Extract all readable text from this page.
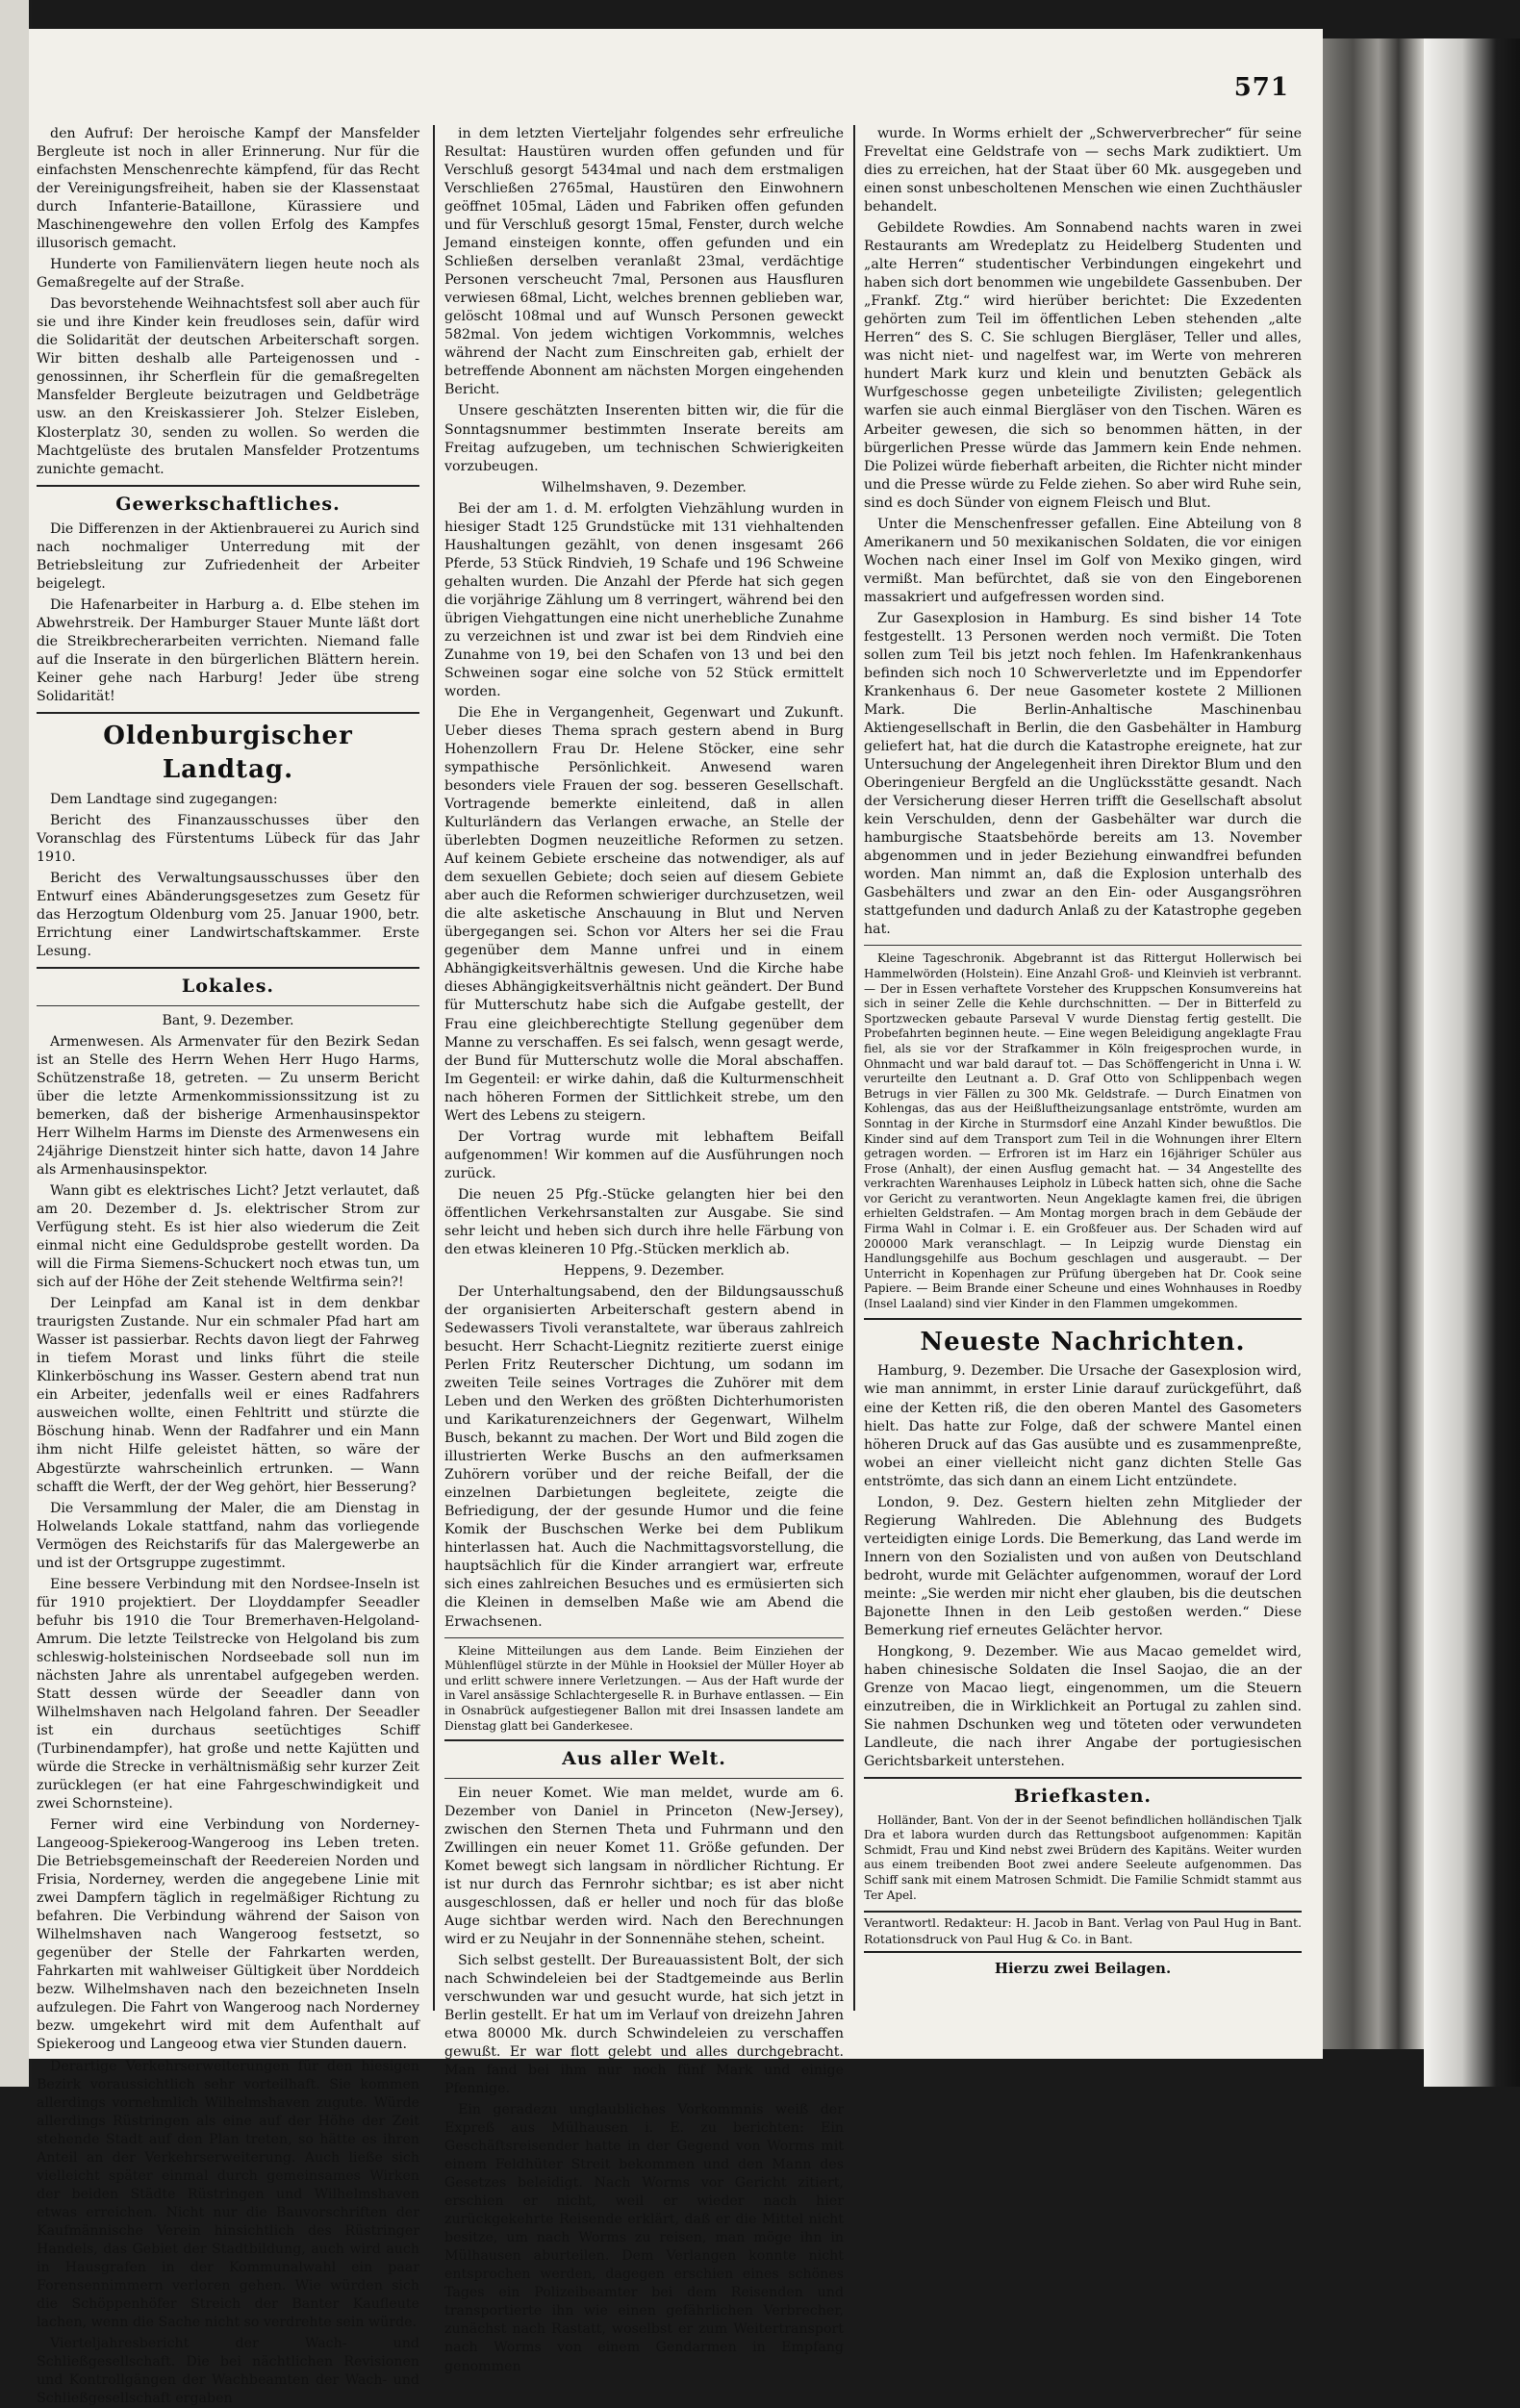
571

den Aufruf: Der heroische Kampf der Mansfelder Bergleute ist noch in aller Erinnerung. Nur für die einfachsten Menschenrechte kämpfend, für das Recht der Vereinigungsfreiheit, haben sie der Klassenstaat durch Infanterie-Bataillone, Kürassiere und Maschinengewehre den vollen Erfolg des Kampfes illusorisch gemacht.

Hunderte von Familienvätern liegen heute noch als Gemaßregelte auf der Straße.

Das bevorstehende Weihnachtsfest soll aber auch für sie und ihre Kinder kein freudloses sein, dafür wird die Solidarität der deutschen Arbeiterschaft sorgen. Wir bitten deshalb alle Parteigenossen und -genossinnen, ihr Scherflein für die gemaßregelten Mansfelder Bergleute beizutragen und Geldbeträge usw. an den Kreiskassierer Joh. Stelzer Eisleben, Klosterplatz 30, senden zu wollen. So werden die Machtgelüste des brutalen Mansfelder Protzentums zunichte gemacht.

Gewerkschaftliches.

Die Differenzen in der Aktienbrauerei zu Aurich sind nach nochmaliger Unterredung mit der Betriebsleitung zur Zufriedenheit der Arbeiter beigelegt.

Die Hafenarbeiter in Harburg a. d. Elbe stehen im Abwehrstreik. Der Hamburger Stauer Munte läßt dort die Streikbrecherarbeiten verrichten. Niemand falle auf die Inserate in den bürgerlichen Blättern herein. Keiner gehe nach Harburg! Jeder übe streng Solidarität!

Oldenburgischer Landtag.

Dem Landtage sind zugegangen:

Bericht des Finanzausschusses über den Voranschlag des Fürstentums Lübeck für das Jahr 1910.

Bericht des Verwaltungsausschusses über den Entwurf eines Abänderungsgesetzes zum Gesetz für das Herzogtum Oldenburg vom 25. Januar 1900, betr. Errichtung einer Landwirtschaftskammer. Erste Lesung.

Lokales.

Bant, 9. Dezember.

Armenwesen. Als Armenvater für den Bezirk Sedan ist an Stelle des Herrn Wehen Herr Hugo Harms, Schützenstraße 18, getreten. — Zu unserm Bericht über die letzte Armenkommissionssitzung ist zu bemerken, daß der bisherige Armenhausinspektor Herr Wilhelm Harms im Dienste des Armenwesens ein 24jährige Dienstzeit hinter sich hatte, davon 14 Jahre als Armenhausinspektor.

Wann gibt es elektrisches Licht? Jetzt verlautet, daß am 20. Dezember d. Js. elektrischer Strom zur Verfügung steht. Es ist hier also wiederum die Zeit einmal nicht eine Geduldsprobe gestellt worden. Da will die Firma Siemens-Schuckert noch etwas tun, um sich auf der Höhe der Zeit stehende Weltfirma sein?!

Der Leinpfad am Kanal ist in dem denkbar traurigsten Zustande. Nur ein schmaler Pfad hart am Wasser ist passierbar. Rechts davon liegt der Fahrweg in tiefem Morast und links führt die steile Klinkerböschung ins Wasser. Gestern abend trat nun ein Arbeiter, jedenfalls weil er eines Radfahrers ausweichen wollte, einen Fehltritt und stürzte die Böschung hinab. Wenn der Radfahrer und ein Mann ihm nicht Hilfe geleistet hätten, so wäre der Abgestürzte wahrscheinlich ertrunken. — Wann schafft die Werft, der der Weg gehört, hier Besserung?

Die Versammlung der Maler, die am Dienstag in Holwelands Lokale stattfand, nahm das vorliegende Vermögen des Reichstarifs für das Malergewerbe an und ist der Ortsgruppe zugestimmt.

Eine bessere Verbindung mit den Nordsee-Inseln ist für 1910 projektiert. Der Lloyddampfer Seeadler befuhr bis 1910 die Tour Bremerhaven-Helgoland-Amrum. Die letzte Teilstrecke von Helgoland bis zum schleswig-holsteinischen Nordseebade soll nun im nächsten Jahre als unrentabel aufgegeben werden. Statt dessen würde der Seeadler dann von Wilhelmshaven nach Helgoland fahren. Der Seeadler ist ein durchaus seetüchtiges Schiff (Turbinendampfer), hat große und nette Kajütten und würde die Strecke in verhältnismäßig sehr kurzer Zeit zurücklegen (er hat eine Fahrgeschwindigkeit und zwei Schornsteine).

Ferner wird eine Verbindung von Norderney-Langeoog-Spiekeroog-Wangeroog ins Leben treten. Die Betriebsgemeinschaft der Reedereien Norden und Frisia, Norderney, werden die angegebene Linie mit zwei Dampfern täglich in regelmäßiger Richtung zu befahren. Die Verbindung während der Saison von Wilhelmshaven nach Wangeroog festsetzt, so gegenüber der Stelle der Fahrkarten werden, Fahrkarten mit wahlweiser Gültigkeit über Norddeich bezw. Wilhelmshaven nach den bezeichneten Inseln aufzulegen. Die Fahrt von Wangeroog nach Norderney bezw. umgekehrt wird mit dem Aufenthalt auf Spiekeroog und Langeoog etwa vier Stunden dauern.

Derartige Verkehrserweiterungen für den hiesigen Bezirk voraussichtlich sehr vorteilhaft. Sie kommen allerdings vornehmlich Wilhelmshaven zugute. Würde allerdings Rüstringen als eine auf der Höhe der Zeit stehende Stadt auf den Plan treten, so hätte es ihren Anteil an der Verkehrserweiterung. Auch ließe sich vielleicht später einmal durch gemeinsames Wirken der beiden Städte Rüstringen und Wilhelmshaven etwas erreichen. Nicht nur die Bauvorschriften der Kaufmännische Verein hinsichtlich des Rüstringer Handels, das Gebiet der Stadtbildung, auch wird auch in Hausgrafen in der Kommunalwahl ein paar Forensennimmern verloren gehen. Wie würden sich die Schöppenhöfer Streich der Banter Kaufleute lachen, wenn die Sache nicht so verdrehte sein würde.

Vierteljahresbericht der Wach- und Schließgesellschaft. Die bei nächtlichen Revisionen und Kontrollgängen der Wachbeamten der Wach- und Schließgesellschaft ergaben

in dem letzten Vierteljahr folgendes sehr erfreuliche Resultat: Haustüren wurden offen gefunden und für Verschluß gesorgt 5434mal und nach dem erstmaligen Verschließen 2765mal, Haustüren den Einwohnern geöffnet 105mal, Läden und Fabriken offen gefunden und für Verschluß gesorgt 15mal, Fenster, durch welche Jemand einsteigen konnte, offen gefunden und ein Schließen derselben veranlaßt 23mal, verdächtige Personen verscheucht 7mal, Personen aus Hausfluren verwiesen 68mal, Licht, welches brennen geblieben war, gelöscht 108mal und auf Wunsch Personen geweckt 582mal. Von jedem wichtigen Vorkommnis, welches während der Nacht zum Einschreiten gab, erhielt der betreffende Abonnent am nächsten Morgen eingehenden Bericht.

Unsere geschätzten Inserenten bitten wir, die für die Sonntagsnummer bestimmten Inserate bereits am Freitag aufzugeben, um technischen Schwierigkeiten vorzubeugen.

Wilhelmshaven, 9. Dezember.

Bei der am 1. d. M. erfolgten Viehzählung wurden in hiesiger Stadt 125 Grundstücke mit 131 viehhaltenden Haushaltungen gezählt, von denen insgesamt 266 Pferde, 53 Stück Rindvieh, 19 Schafe und 196 Schweine gehalten wurden. Die Anzahl der Pferde hat sich gegen die vorjährige Zählung um 8 verringert, während bei den übrigen Viehgattungen eine nicht unerhebliche Zunahme zu verzeichnen ist und zwar ist bei dem Rindvieh eine Zunahme von 19, bei den Schafen von 13 und bei den Schweinen sogar eine solche von 52 Stück ermittelt worden.

Die Ehe in Vergangenheit, Gegenwart und Zukunft. Ueber dieses Thema sprach gestern abend in Burg Hohenzollern Frau Dr. Helene Stöcker, eine sehr sympathische Persönlichkeit. Anwesend waren besonders viele Frauen der sog. besseren Gesellschaft. Vortragende bemerkte einleitend, daß in allen Kulturländern das Verlangen erwache, an Stelle der überlebten Dogmen neuzeitliche Reformen zu setzen. Auf keinem Gebiete erscheine das notwendiger, als auf dem sexuellen Gebiete; doch seien auf diesem Gebiete aber auch die Reformen schwieriger durchzusetzen, weil die alte asketische Anschauung in Blut und Nerven übergegangen sei. Schon vor Alters her sei die Frau gegenüber dem Manne unfrei und in einem Abhängigkeitsverhältnis gewesen. Und die Kirche habe dieses Abhängigkeitsverhältnis nicht geändert. Der Bund für Mutterschutz habe sich die Aufgabe gestellt, der Frau eine gleichberechtigte Stellung gegenüber dem Manne zu verschaffen. Es sei falsch, wenn gesagt werde, der Bund für Mutterschutz wolle die Moral abschaffen. Im Gegenteil: er wirke dahin, daß die Kulturmenschheit nach höheren Formen der Sittlichkeit strebe, um den Wert des Lebens zu steigern.

Der Vortrag wurde mit lebhaftem Beifall aufgenommen! Wir kommen auf die Ausführungen noch zurück.

Die neuen 25 Pfg.-Stücke gelangten hier bei den öffentlichen Verkehrsanstalten zur Ausgabe. Sie sind sehr leicht und heben sich durch ihre helle Färbung von den etwas kleineren 10 Pfg.-Stücken merklich ab.

Heppens, 9. Dezember.

Der Unterhaltungsabend, den der Bildungsausschuß der organisierten Arbeiterschaft gestern abend in Sedewassers Tivoli veranstaltete, war überaus zahlreich besucht. Herr Schacht-Liegnitz rezitierte zuerst einige Perlen Fritz Reuterscher Dichtung, um sodann im zweiten Teile seines Vortrages die Zuhörer mit dem Leben und den Werken des größten Dichterhumoristen und Karikaturenzeichners der Gegenwart, Wilhelm Busch, bekannt zu machen. Der Wort und Bild zogen die illustrierten Werke Buschs an den aufmerksamen Zuhörern vorüber und der reiche Beifall, der die einzelnen Darbietungen begleitete, zeigte die Befriedigung, der der gesunde Humor und die feine Komik der Buschschen Werke bei dem Publikum hinterlassen hat. Auch die Nachmittagsvorstellung, die hauptsächlich für die Kinder arrangiert war, erfreute sich eines zahlreichen Besuches und es ermüsierten sich die Kleinen in demselben Maße wie am Abend die Erwachsenen.

Kleine Mitteilungen aus dem Lande. Beim Einziehen der Mühlenflügel stürzte in der Mühle in Hooksiel der Müller Hoyer ab und erlitt schwere innere Verletzungen. — Aus der Haft wurde der in Varel ansässige Schlachtergeselle R. in Burhave entlassen. — Ein in Osnabrück aufgestiegener Ballon mit drei Insassen landete am Dienstag glatt bei Ganderkesee.

Aus aller Welt.

Ein neuer Komet. Wie man meldet, wurde am 6. Dezember von Daniel in Princeton (New-Jersey), zwischen den Sternen Theta und Fuhrmann und den Zwillingen ein neuer Komet 11. Größe gefunden. Der Komet bewegt sich langsam in nördlicher Richtung. Er ist nur durch das Fernrohr sichtbar; es ist aber nicht ausgeschlossen, daß er heller und noch für das bloße Auge sichtbar werden wird. Nach den Berechnungen wird er zu Neujahr in der Sonnennähe stehen, scheint.

Sich selbst gestellt. Der Bureauassistent Bolt, der sich nach Schwindeleien bei der Stadtgemeinde aus Berlin verschwunden war und gesucht wurde, hat sich jetzt in Berlin gestellt. Er hat um im Verlauf von dreizehn Jahren etwa 80000 Mk. durch Schwindeleien zu verschaffen gewußt. Er war flott gelebt und alles durchgebracht. Man fand bei ihm nur noch fünf Mark und einige Pfennige.

Ein geradezu unglaubliches Vorkommnis weiß der Expreß aus Mülhausen i. E. zu berichten: Ein Geschäftsreisender hatte in der Gegend von Worms mit einem Feldhüter Streit bekommen und den Mann des Gesetzes beleidigt. Nach Worms vor Gericht zitiert, erschien er nicht, weil er wieder nach hier zurückgekehrte Reisende erklärt, daß er die Mittel nicht besitze, um nach Worms zu reisen, man möge ihn in Mülhausen aburteilen. Dem Verlangen konnte nicht entsprochen werden, dagegen erschien eines schönes Tages ein Polizeibeamter bei dem Reisenden und transportierte ihn wie einen gefährlichen Verbrecher, zunächst nach Rastatt, woselbst er zum Weitertransport nach Worms von einem Gendarmen in Empfang genommen

wurde. In Worms erhielt der „Schwerverbrecher“ für seine Freveltat eine Geldstrafe von — sechs Mark zudiktiert. Um dies zu erreichen, hat der Staat über 60 Mk. ausgegeben und einen sonst unbescholtenen Menschen wie einen Zuchthäusler behandelt.

Gebildete Rowdies. Am Sonnabend nachts waren in zwei Restaurants am Wredeplatz zu Heidelberg Studenten und „alte Herren“ studentischer Verbindungen eingekehrt und haben sich dort benommen wie ungebildete Gassenbuben. Der „Frankf. Ztg.“ wird hierüber berichtet: Die Exzedenten gehörten zum Teil im öffentlichen Leben stehenden „alte Herren“ des S. C. Sie schlugen Biergläser, Teller und alles, was nicht niet- und nagelfest war, im Werte von mehreren hundert Mark kurz und klein und benutzten Gebäck als Wurfgeschosse gegen unbeteiligte Zivilisten; gelegentlich warfen sie auch einmal Biergläser von den Tischen. Wären es Arbeiter gewesen, die sich so benommen hätten, in der bürgerlichen Presse würde das Jammern kein Ende nehmen. Die Polizei würde fieberhaft arbeiten, die Richter nicht minder und die Presse würde zu Felde ziehen. So aber wird Ruhe sein, sind es doch Sünder von eignem Fleisch und Blut.

Unter die Menschenfresser gefallen. Eine Abteilung von 8 Amerikanern und 50 mexikanischen Soldaten, die vor einigen Wochen nach einer Insel im Golf von Mexiko gingen, wird vermißt. Man befürchtet, daß sie von den Eingeborenen massakriert und aufgefressen worden sind.

Zur Gasexplosion in Hamburg. Es sind bisher 14 Tote festgestellt. 13 Personen werden noch vermißt. Die Toten sollen zum Teil bis jetzt noch fehlen. Im Hafenkrankenhaus befinden sich noch 10 Schwerverletzte und im Eppendorfer Krankenhaus 6. Der neue Gasometer kostete 2 Millionen Mark. Die Berlin-Anhaltische Maschinenbau Aktiengesellschaft in Berlin, die den Gasbehälter in Hamburg geliefert hat, hat die durch die Katastrophe ereignete, hat zur Untersuchung der Angelegenheit ihren Direktor Blum und den Oberingenieur Bergfeld an die Unglücksstätte gesandt. Nach der Versicherung dieser Herren trifft die Gesellschaft absolut kein Verschulden, denn der Gasbehälter war durch die hamburgische Staatsbehörde bereits am 13. November abgenommen und in jeder Beziehung einwandfrei befunden worden. Man nimmt an, daß die Explosion unterhalb des Gasbehälters und zwar an den Ein- oder Ausgangsröhren stattgefunden und dadurch Anlaß zu der Katastrophe gegeben hat.

Kleine Tageschronik. Abgebrannt ist das Rittergut Hollerwisch bei Hammelwörden (Holstein). Eine Anzahl Groß- und Kleinvieh ist verbrannt. — Der in Essen verhaftete Vorsteher des Kruppschen Konsumvereins hat sich in seiner Zelle die Kehle durchschnitten. — Der in Bitterfeld zu Sportzwecken gebaute Parseval V wurde Dienstag fertig gestellt. Die Probefahrten beginnen heute. — Eine wegen Beleidigung angeklagte Frau fiel, als sie vor der Strafkammer in Köln freigesprochen wurde, in Ohnmacht und war bald darauf tot. — Das Schöffengericht in Unna i. W. verurteilte den Leutnant a. D. Graf Otto von Schlippenbach wegen Betrugs in vier Fällen zu 300 Mk. Geldstrafe. — Durch Einatmen von Kohlengas, das aus der Heißluftheizungsanlage entströmte, wurden am Sonntag in der Kirche in Sturmsdorf eine Anzahl Kinder bewußtlos. Die Kinder sind auf dem Transport zum Teil in die Wohnungen ihrer Eltern getragen worden. — Erfroren ist im Harz ein 16jähriger Schüler aus Frose (Anhalt), der einen Ausflug gemacht hat. — 34 Angestellte des verkrachten Warenhauses Leipholz in Lübeck hatten sich, ohne die Sache vor Gericht zu verantworten. Neun Angeklagte kamen frei, die übrigen erhielten Geldstrafen. — Am Montag morgen brach in dem Gebäude der Firma Wahl in Colmar i. E. ein Großfeuer aus. Der Schaden wird auf 200000 Mark veranschlagt. — In Leipzig wurde Dienstag ein Handlungsgehilfe aus Bochum geschlagen und ausgeraubt. — Der Unterricht in Kopenhagen zur Prüfung übergeben hat Dr. Cook seine Papiere. — Beim Brande einer Scheune und eines Wohnhauses in Roedby (Insel Laaland) sind vier Kinder in den Flammen umgekommen.

Neueste Nachrichten.

Hamburg, 9. Dezember. Die Ursache der Gasexplosion wird, wie man annimmt, in erster Linie darauf zurückgeführt, daß eine der Ketten riß, die den oberen Mantel des Gasometers hielt. Das hatte zur Folge, daß der schwere Mantel einen höheren Druck auf das Gas ausübte und es zusammenpreßte, wobei an einer vielleicht nicht ganz dichten Stelle Gas entströmte, das sich dann an einem Licht entzündete.

London, 9. Dez. Gestern hielten zehn Mitglieder der Regierung Wahlreden. Die Ablehnung des Budgets verteidigten einige Lords. Die Bemerkung, das Land werde im Innern von den Sozialisten und von außen von Deutschland bedroht, wurde mit Gelächter aufgenommen, worauf der Lord meinte: „Sie werden mir nicht eher glauben, bis die deutschen Bajonette Ihnen in den Leib gestoßen werden.“ Diese Bemerkung rief erneutes Gelächter hervor.

Hongkong, 9. Dezember. Wie aus Macao gemeldet wird, haben chinesische Soldaten die Insel Saojao, die an der Grenze von Macao liegt, eingenommen, um die Steuern einzutreiben, die in Wirklichkeit an Portugal zu zahlen sind. Sie nahmen Dschunken weg und töteten oder verwundeten Landleute, die nach ihrer Angabe der portugiesischen Gerichtsbarkeit unterstehen.

Briefkasten.

Holländer, Bant. Von der in der Seenot befindlichen holländischen Tjalk Dra et labora wurden durch das Rettungsboot aufgenommen: Kapitän Schmidt, Frau und Kind nebst zwei Brüdern des Kapitäns. Weiter wurden aus einem treibenden Boot zwei andere Seeleute aufgenommen. Das Schiff sank mit einem Matrosen Schmidt. Die Familie Schmidt stammt aus Ter Apel.

Verantwortl. Redakteur: H. Jacob in Bant. Verlag von Paul Hug in Bant. Rotationsdruck von Paul Hug & Co. in Bant.
Hierzu zwei Beilagen.
